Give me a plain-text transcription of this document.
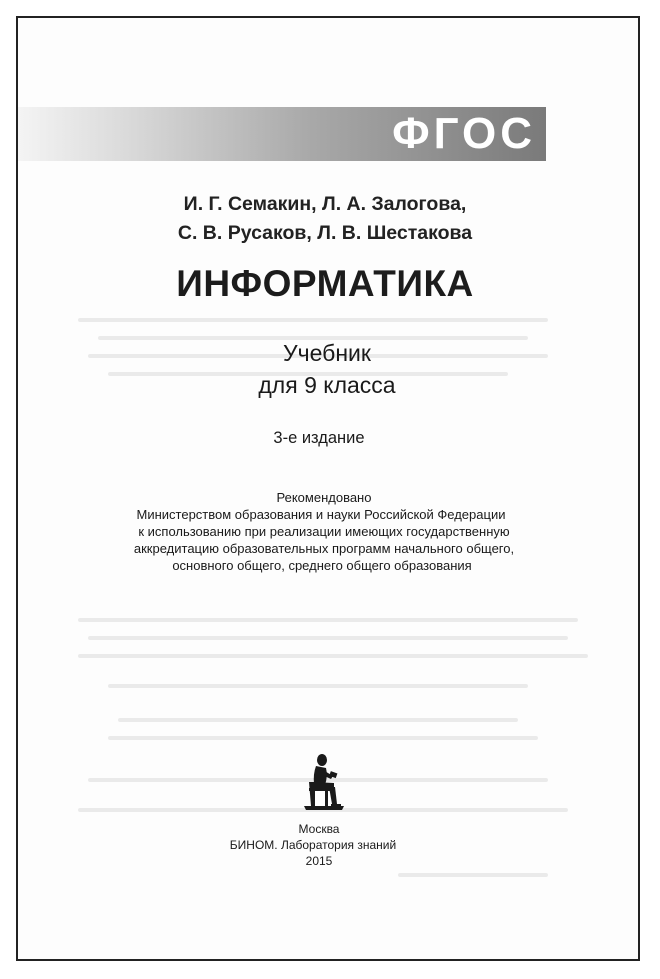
ФГОС
И. Г. Семакин, Л. А. Залогова,
С. В. Русаков, Л. В. Шестакова
ИНФОРМАТИКА
Учебник
для 9 класса
3-е издание
Рекомендовано
Министерством образования и науки Российской Федерации
к использованию при реализации имеющих государственную
аккредитацию образовательных программ начального общего,
основного общего, среднего общего образования
Москва
БИНОМ. Лаборатория знаний
2015
